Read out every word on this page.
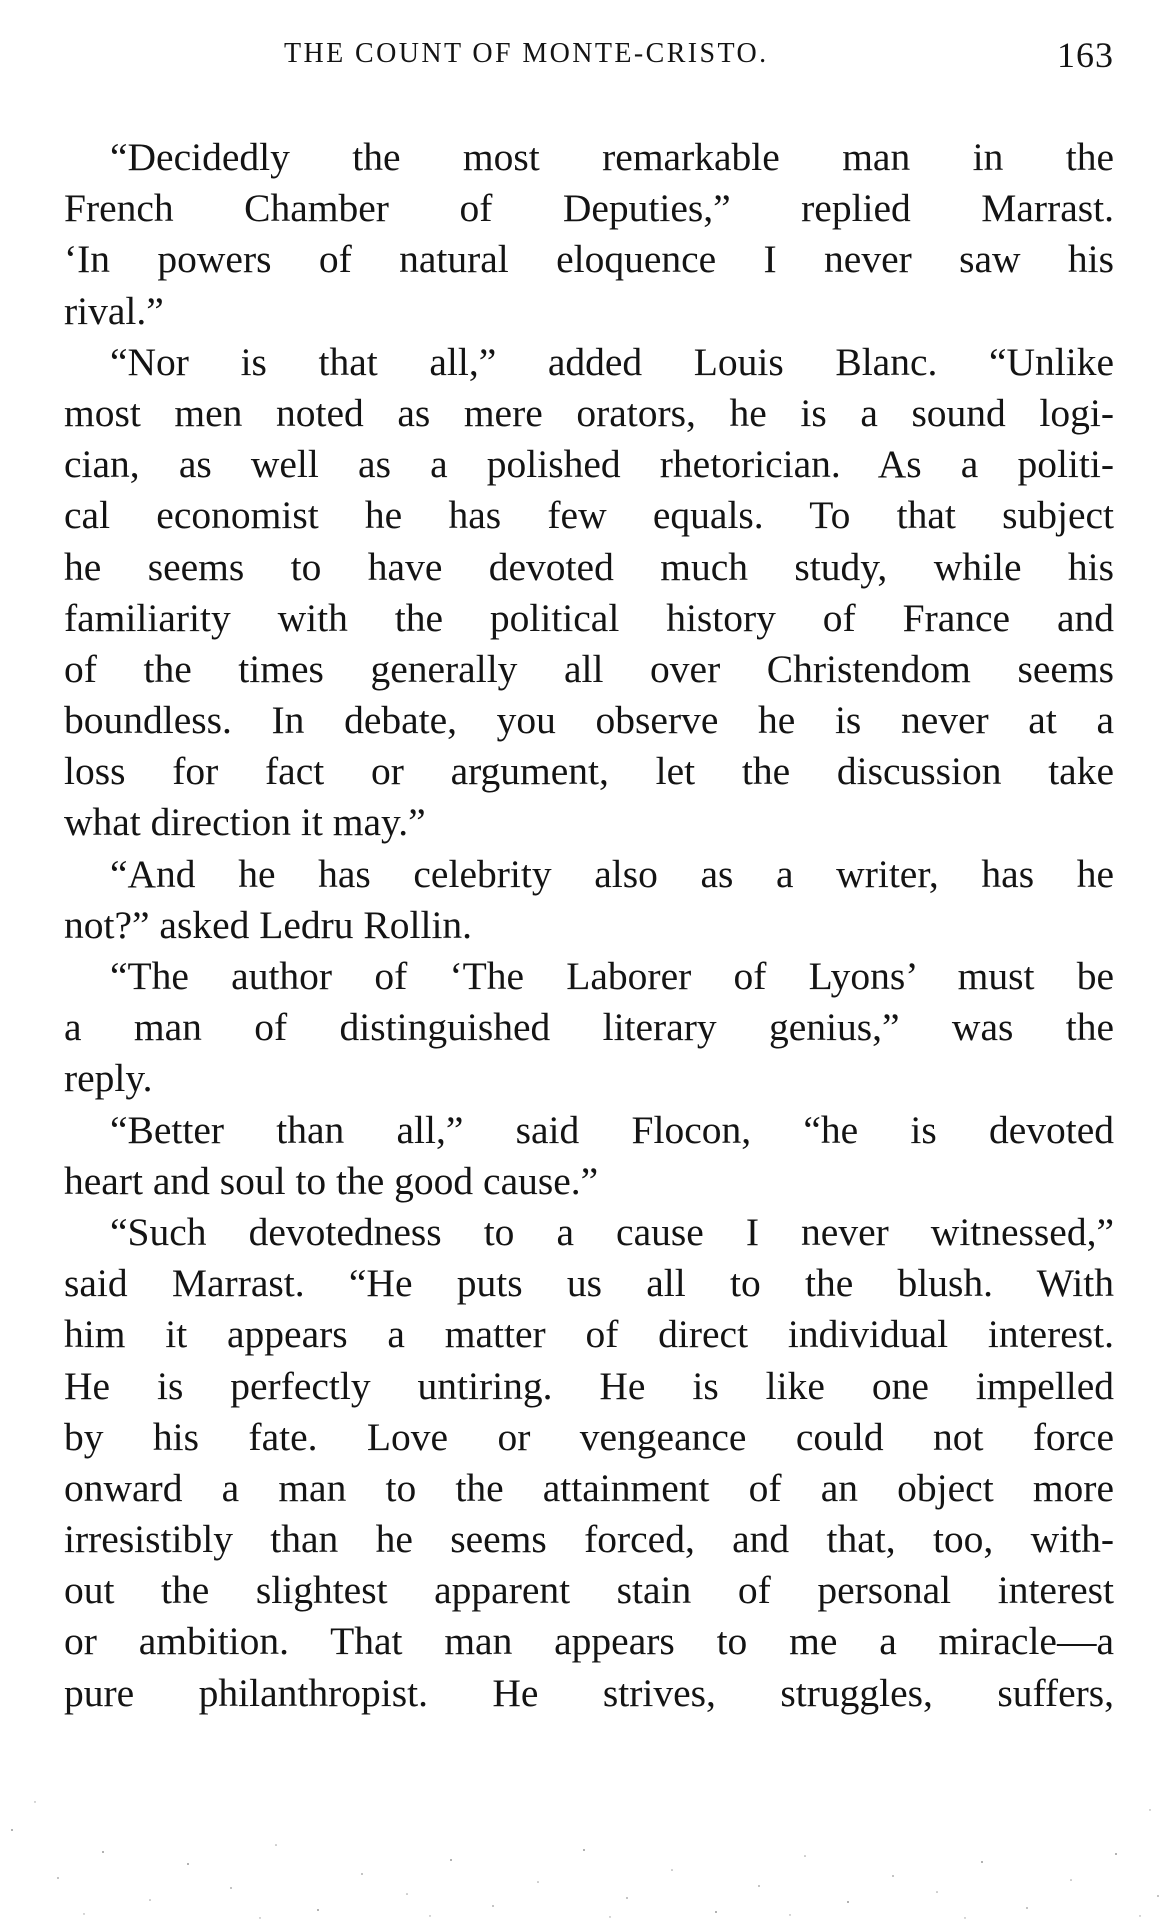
THE COUNT OF MONTE-CRISTO.	163
“Decidedly the most remarkable man in the
French Chamber of Deputies,” replied Marrast.
‘In powers of natural eloquence I never saw his
rival.”
“Nor is that all,” added Louis Blanc. “Unlike
most men noted as mere orators, he is a sound logi-
cian, as well as a polished rhetorician. As a politi-
cal economist he has few equals. To that subject
he seems to have devoted much study, while his
familiarity with the political history of France and
of the times generally all over Christendom seems
boundless. In debate, you observe he is never at a
loss for fact or argument, let the discussion take
what direction it may.”
“And he has celebrity also as a writer, has he
not?” asked Ledru Rollin.
“The author of ‘The Laborer of Lyons’ must be
a man of distinguished literary genius,” was the
reply.
“Better than all,” said Flocon, “he is devoted
heart and soul to the good cause.”
“Such devotedness to a cause I never witnessed,”
said Marrast. “He puts us all to the blush. With
him it appears a matter of direct individual interest.
He is perfectly untiring. He is like one impelled
by his fate. Love or vengeance could not force
onward a man to the attainment of an object more
irresistibly than he seems forced, and that, too, with-
out the slightest apparent stain of personal interest
or ambition. That man appears to me a miracle—a
pure philanthropist. He strives, struggles, suffers,
